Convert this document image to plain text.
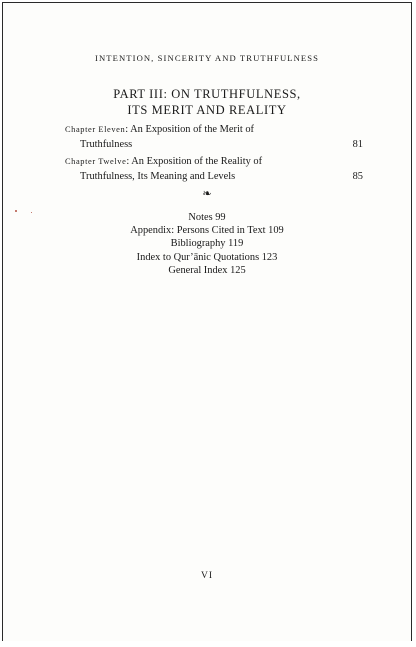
INTENTION, SINCERITY AND TRUTHFULNESS
PART III: ON TRUTHFULNESS,
ITS MERIT AND REALITY
Chapter Eleven: An Exposition of the Merit of
Truthfulness	81
Chapter Twelve: An Exposition of the Reality of
Truthfulness, Its Meaning and Levels	85
❧
Notes 99
Appendix: Persons Cited in Text 109
Bibliography 119
Index to Qur’ānic Quotations 123
General Index 125
VI
